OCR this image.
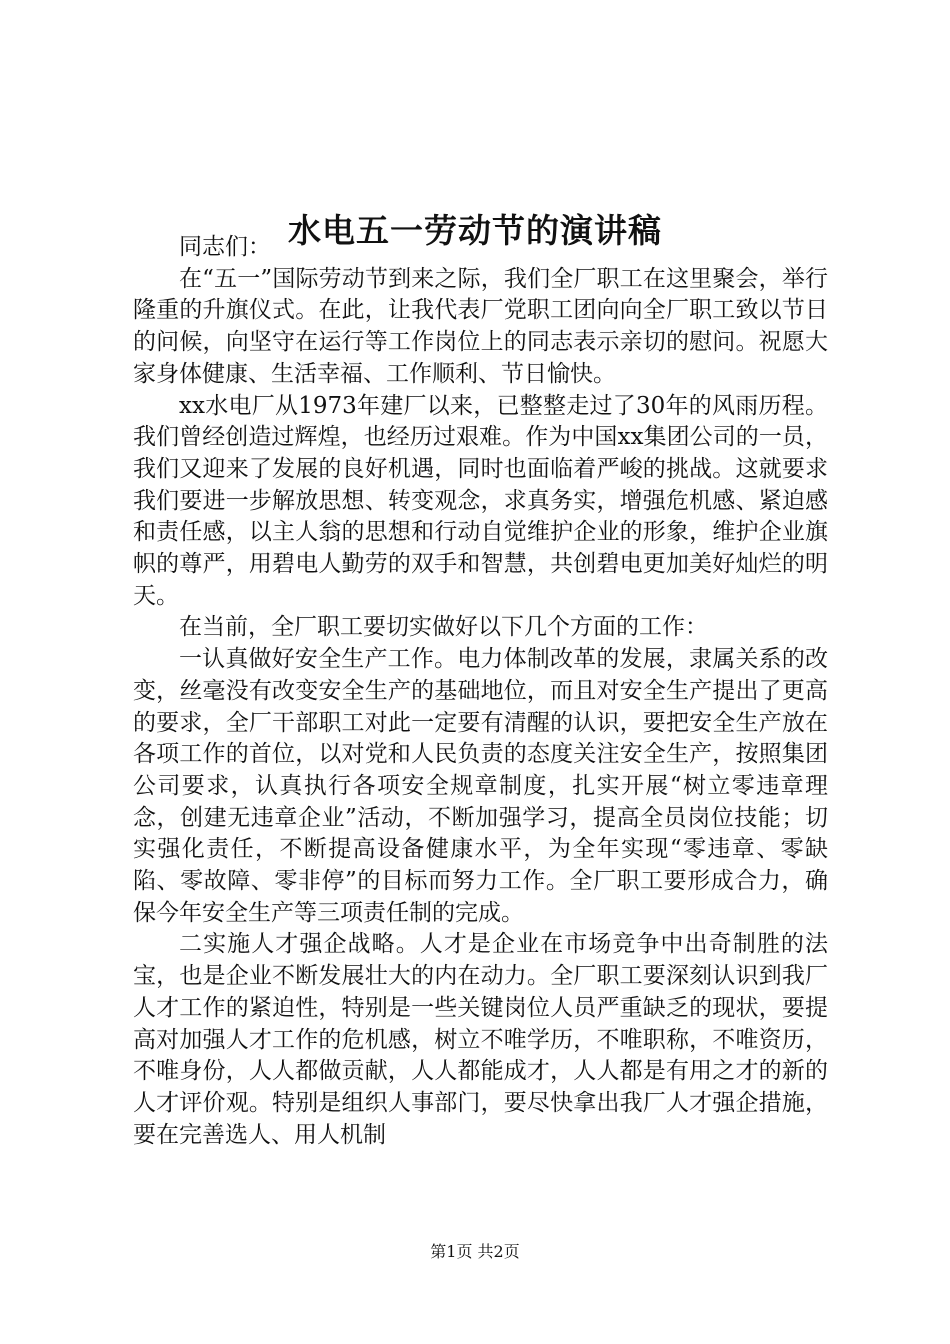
水电五一劳动节的演讲稿

同志们：

在“五一”国际劳动节到来之际，我们全厂职工在这里聚会，举行隆重的升旗仪式。在此，让我代表厂党职工团向向全厂职工致以节日的问候，向坚守在运行等工作岗位上的同志表示亲切的慰问。祝愿大家身体健康、生活幸福、工作顺利、节日愉快。

xx水电厂从1973年建厂以来，已整整走过了30年的风雨历程。我们曾经创造过辉煌，也经历过艰难。作为中国xx集团公司的一员，我们又迎来了发展的良好机遇，同时也面临着严峻的挑战。这就要求我们要进一步解放思想、转变观念，求真务实，增强危机感、紧迫感和责任感，以主人翁的思想和行动自觉维护企业的形象，维护企业旗帜的尊严，用碧电人勤劳的双手和智慧，共创碧电更加美好灿烂的明天。

在当前，全厂职工要切实做好以下几个方面的工作：

一认真做好安全生产工作。电力体制改革的发展，隶属关系的改变，丝毫没有改变安全生产的基础地位，而且对安全生产提出了更高的要求，全厂干部职工对此一定要有清醒的认识，要把安全生产放在各项工作的首位，以对党和人民负责的态度关注安全生产，按照集团公司要求，认真执行各项安全规章制度，扎实开展“树立零违章理念，创建无违章企业”活动，不断加强学习，提高全员岗位技能；切实强化责任，不断提高设备健康水平，为全年实现“零违章、零缺陷、零故障、零非停”的目标而努力工作。全厂职工要形成合力，确保今年安全生产等三项责任制的完成。

二实施人才强企战略。人才是企业在市场竞争中出奇制胜的法宝，也是企业不断发展壮大的内在动力。全厂职工要深刻认识到我厂人才工作的紧迫性，特别是一些关键岗位人员严重缺乏的现状，要提高对加强人才工作的危机感，树立不唯学历，不唯职称，不唯资历，不唯身份，人人都做贡献，人人都能成才，人人都是有用之才的新的人才评价观。特别是组织人事部门，要尽快拿出我厂人才强企措施，要在完善选人、用人机制

第1页 共2页
